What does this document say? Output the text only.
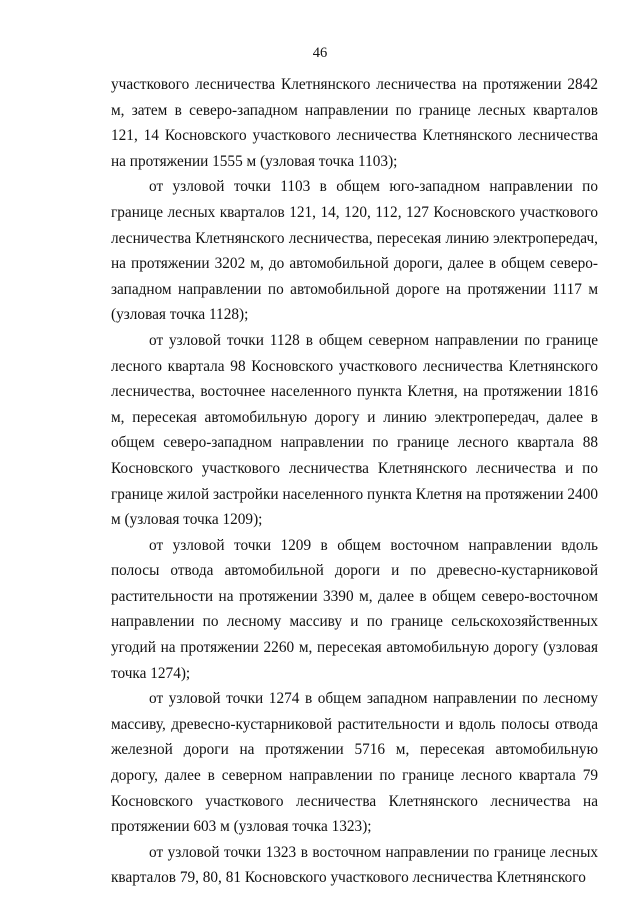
46

участкового лесничества Клетнянского лесничества на протяжении 2842 м, затем в северо-западном направлении по границе лесных кварталов 121, 14 Косновского участкового лесничества Клетнянского лесничества на протяжении 1555 м (узловая точка 1103);

от узловой точки 1103 в общем юго-западном направлении по границе лесных кварталов 121, 14, 120, 112, 127 Косновского участкового лесничества Клетнянского лесничества, пересекая линию электропередач, на протяжении 3202 м, до автомобильной дороги, далее в общем северо-западном направлении по автомобильной дороге на протяжении 1117 м (узловая точка 1128);

от узловой точки 1128 в общем северном направлении по границе лесного квартала 98 Косновского участкового лесничества Клетнянского лесничества, восточнее населенного пункта Клетня, на протяжении 1816 м, пересекая автомобильную дорогу и линию электропередач, далее в общем северо-западном направлении по границе лесного квартала 88 Косновского участкового лесничества Клетнянского лесничества и по границе жилой застройки населенного пункта Клетня на протяжении 2400 м (узловая точка 1209);

от узловой точки 1209 в общем восточном направлении вдоль полосы отвода автомобильной дороги и по древесно-кустарниковой растительности на протяжении 3390 м, далее в общем северо-восточном направлении по лесному массиву и по границе сельскохозяйственных угодий на протяжении 2260 м, пересекая автомобильную дорогу (узловая точка 1274);

от узловой точки 1274 в общем западном направлении по лесному массиву, древесно-кустарниковой растительности и вдоль полосы отвода железной дороги на протяжении 5716 м, пересекая автомобильную дорогу, далее в северном направлении по границе лесного квартала 79 Косновского участкового лесничества Клетнянского лесничества на протяжении 603 м (узловая точка 1323);

от узловой точки 1323 в восточном направлении по границе лесных кварталов 79, 80, 81 Косновского участкового лесничества Клетнянского
